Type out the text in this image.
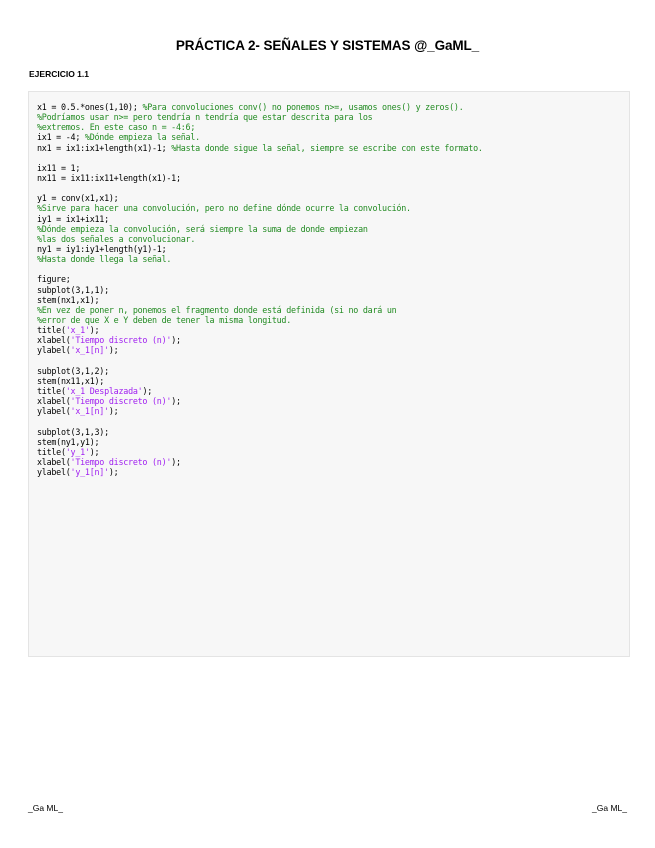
PRÁCTICA 2- SEÑALES Y SISTEMAS @_GaML_
EJERCICIO 1.1
x1 = 0.5.*ones(1,10); %Para convoluciones conv() no ponemos n>=, usamos ones() y zeros().
%Podríamos usar n>= pero tendría n tendría que estar descrita para los
%extremos. En este caso n = -4:6;
ix1 = -4; %Dónde empieza la señal.
nx1 = ix1:ix1+length(x1)-1; %Hasta donde sigue la señal, siempre se escribe con este formato.
ix11 = 1;
nx11 = ix11:ix11+length(x1)-1;
y1 = conv(x1,x1);
%Sirve para hacer una convolución, pero no define dónde ocurre la convolución.
iy1 = ix1+ix11;
%Dónde empieza la convolución, será siempre la suma de donde empiezan
%las dos señales a convolucionar.
ny1 = iy1:iy1+length(y1)-1;
%Hasta donde llega la señal.
figure;
subplot(3,1,1);
stem(nx1,x1);
%En vez de poner n, ponemos el fragmento donde está definida (si no dará un
%error de que X e Y deben de tener la misma longitud.
title('x_1');
xlabel('Tiempo discreto (n)');
ylabel('x_1[n]');
subplot(3,1,2);
stem(nx11,x1);
title('x_1 Desplazada');
xlabel('Tiempo discreto (n)');
ylabel('x_1[n]');
subplot(3,1,3);
stem(ny1,y1);
title('y_1');
xlabel('Tiempo discreto (n)');
ylabel('y_1[n]');
_Ga ML_	_Ga ML_
